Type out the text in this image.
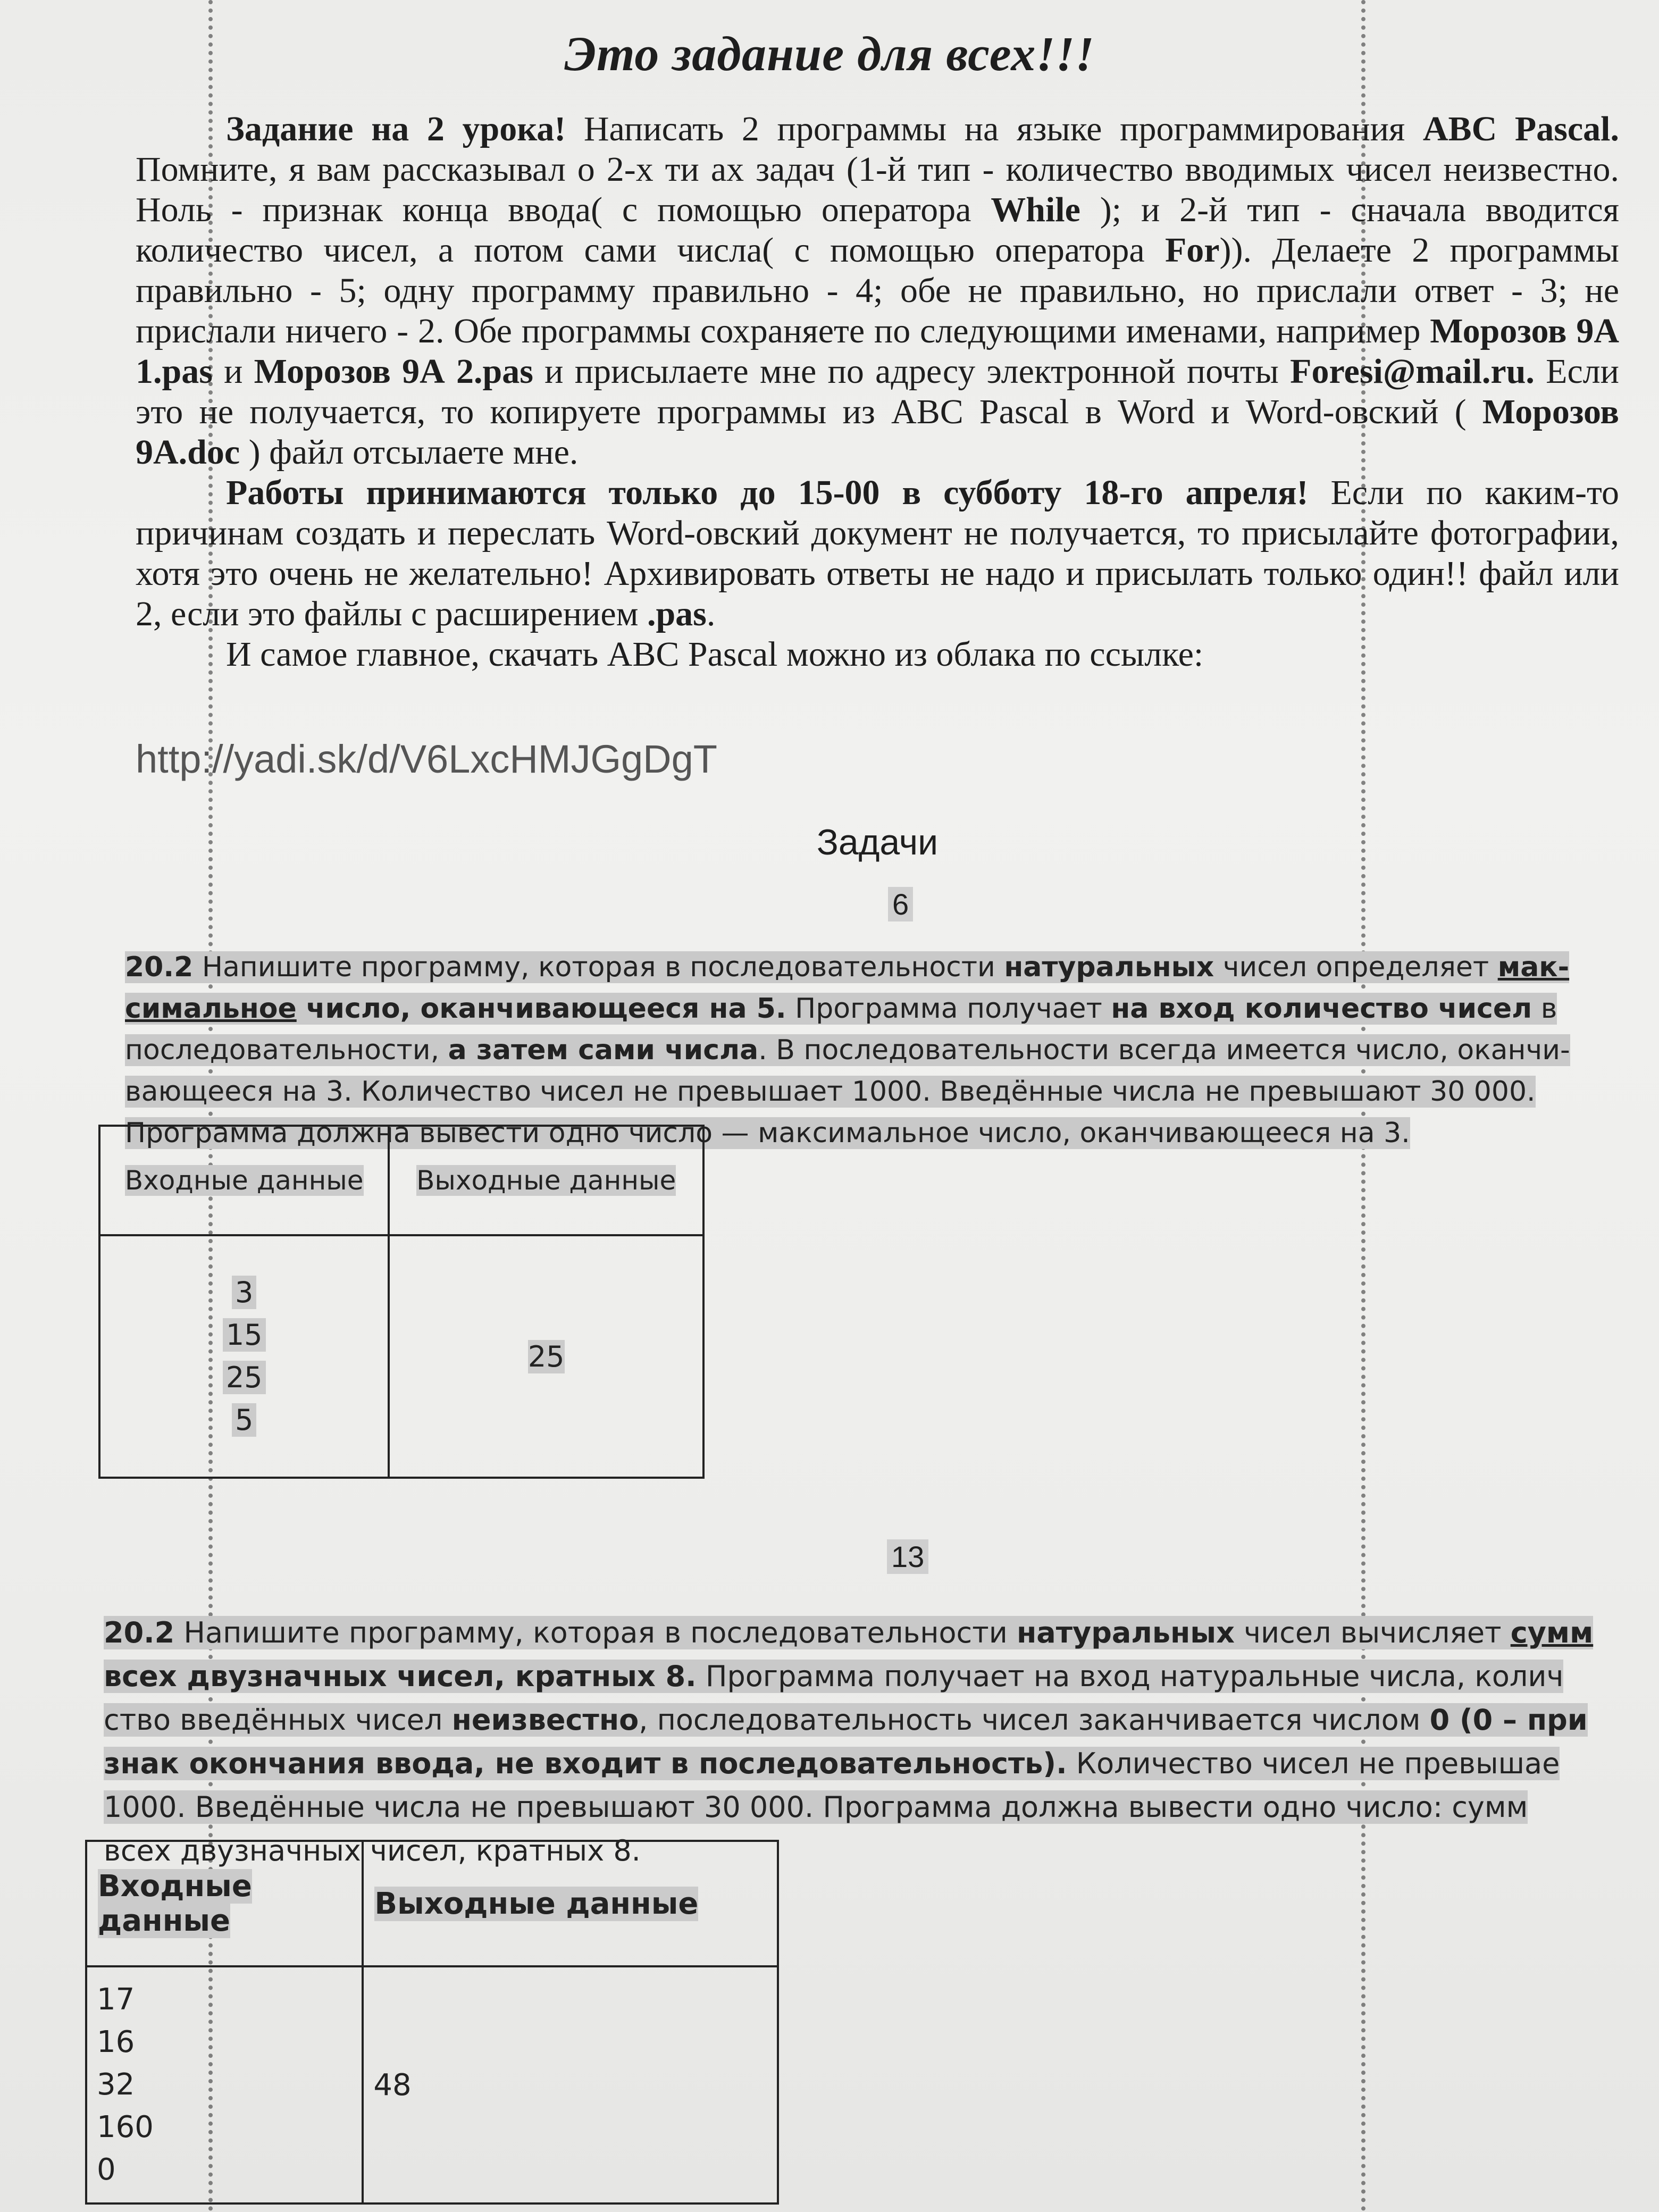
Это задание для всех!!!

Задание на 2 урока! Написать 2 программы на языке программирования ABC Pascal. Помните, я вам рассказывал о 2-х ти ах задач (1-й тип - количество вводимых чисел неизвестно. Ноль - признак конца ввода( с помощью оператора While ); и 2-й тип - сначала вводится количество чисел, а потом сами числа( с помощью оператора For)). Делаете 2 программы правильно - 5; одну программу правильно - 4; обе не правильно, но прислали ответ - 3; не прислали ничего - 2. Обе программы сохраняете по следующими именами, например Морозов 9А 1.pas и Морозов 9А 2.pas и присылаете мне по адресу электронной почты Foresi@mail.ru. Если это не получается, то копируете программы из ABC Pascal в Word и Word-овский ( Морозов 9А.doc ) файл отсылаете мне.

Работы принимаются только до 15-00 в субботу 18-го апреля! Если по каким-то причинам создать и переслать Word-овский документ не получается, то присылайте фотографии, хотя это очень не желательно! Архивировать ответы не надо и присылать только один!! файл или 2, если это файлы с расширением .pas.

И самое главное, скачать ABC Pascal можно из облака по ссылке:

http://yadi.sk/d/V6LxcHMJGgDgT
Задачи
6
20.2 Напишите программу, которая в последовательности натуральных чисел определяет мак-симальное число, оканчивающееся на 5. Программа получает на вход количество чисел в последовательности, а затем сами числа. В последовательности всегда имеется число, оканчи-вающееся на 3. Количество чисел не превышает 1000. Введённые числа не превышают 30 000. Программа должна вывести одно число — максимальное число, оканчивающееся на 3.
Входные данные	Выходные данные

3
15
25
5	25
13
20.2 Напишите программу, которая в последовательности натуральных чисел вычисляет сумм
всех двузначных чисел, кратных 8. Программа получает на вход натуральные числа, колич
ство введённых чисел неизвестно, последовательность чисел заканчивается числом 0 (0 – при
знак окончания ввода, не входит в последовательность). Количество чисел не превышае
1000. Введённые числа не превышают 30 000. Программа должна вывести одно число: сумм
всех двузначных чисел, кратных 8.
Входные данные	Выходные данные

17
16
32
160
0	48
